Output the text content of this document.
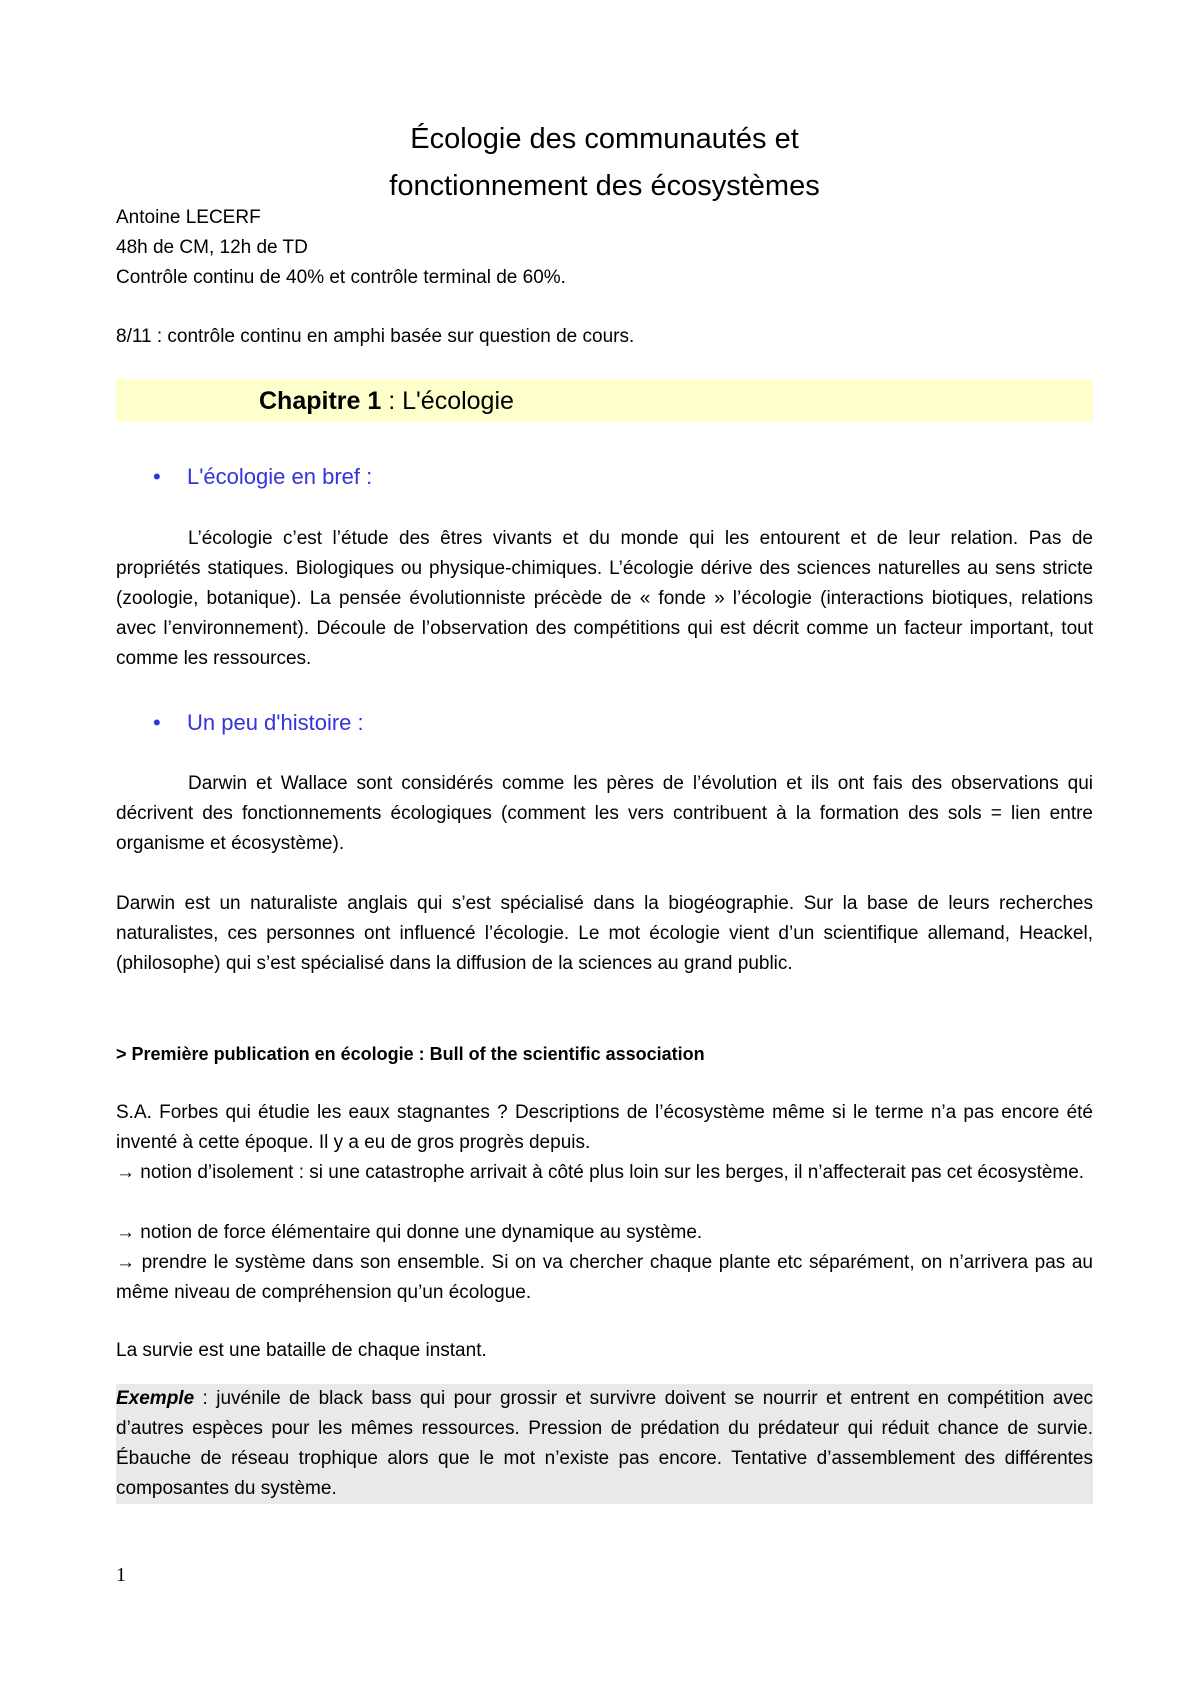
Écologie des communautés et
fonctionnement des écosystèmes

Antoine LECERF

48h de CM, 12h de TD

Contrôle continu de 40% et contrôle terminal de 60%.

8/11 : contrôle continu en amphi basée sur question de cours.

Chapitre 1 : L'écologie
• L'écologie en bref :

L’écologie c’est l’étude des êtres vivants et du monde qui les entourent et de leur relation. Pas de propriétés statiques. Biologiques ou physique-chimiques. L’écologie dérive des sciences naturelles au sens stricte (zoologie, botanique). La pensée évolutionniste précède de « fonde » l’écologie (interactions biotiques, relations avec l’environnement). Découle de l’observation des compétitions qui est décrit comme un facteur important, tout comme les ressources.

• Un peu d'histoire :

Darwin et Wallace sont considérés comme les pères de l’évolution et ils ont fais des observations qui décrivent des fonctionnements écologiques (comment les vers contribuent à la formation des sols = lien entre organisme et écosystème).

Darwin est un naturaliste anglais qui s’est spécialisé dans la biogéographie. Sur la base de leurs recherches naturalistes, ces personnes ont influencé l’écologie. Le mot écologie vient d’un scientifique allemand, Heackel, (philosophe) qui s’est spécialisé dans la diffusion de la sciences au grand public.

> Première publication en écologie : Bull of the scientific association

S.A. Forbes qui étudie les eaux stagnantes ? Descriptions de l’écosystème même si le terme n’a pas encore été inventé à cette époque. Il y a eu de gros progrès depuis.

→ notion d’isolement : si une catastrophe arrivait à côté plus loin sur les berges, il n’affecterait pas cet écosystème.

→ notion de force élémentaire qui donne une dynamique au système.

→ prendre le système dans son ensemble. Si on va chercher chaque plante etc séparément, on n’arrivera pas au même niveau de compréhension qu’un écologue.

La survie est une bataille de chaque instant.

Exemple : juvénile de black bass qui pour grossir et survivre doivent se nourrir et entrent en compétition avec d’autres espèces pour les mêmes ressources. Pression de prédation du prédateur qui réduit chance de survie. Ébauche de réseau trophique alors que le mot n’existe pas encore. Tentative d’assemblement des différentes composantes du système.

1
